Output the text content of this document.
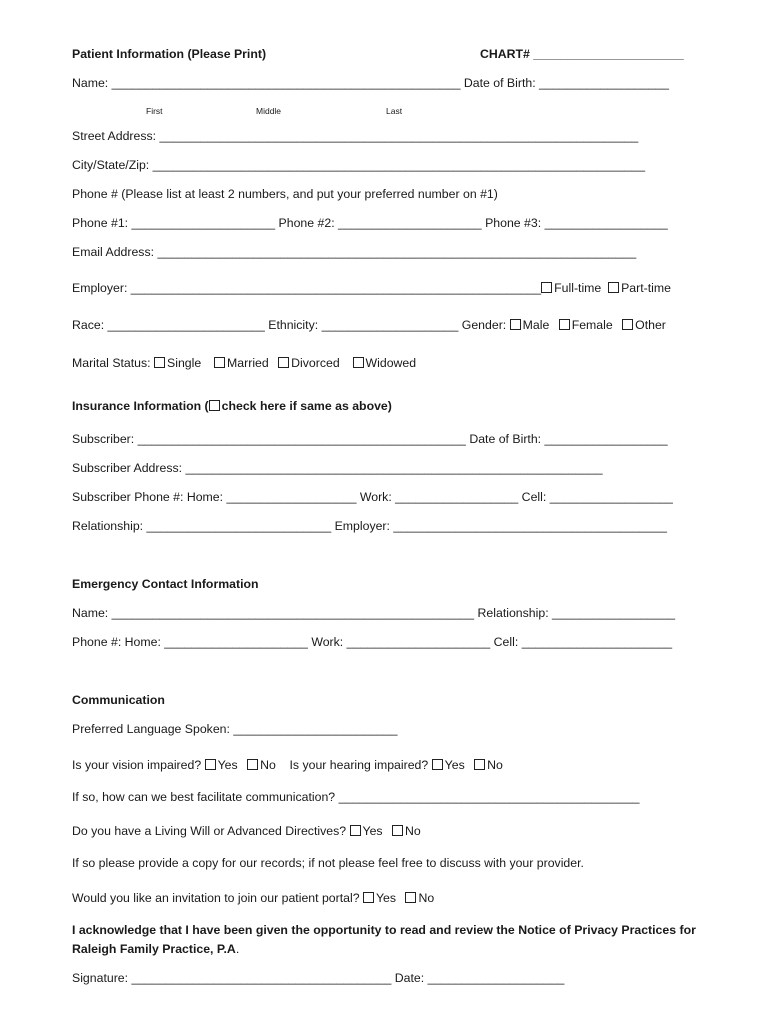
Patient Information (Please Print)	CHART# ______________________
Name: ___________________________________________________ Date of Birth: ___________________
First	Middle	Last
Street Address: ______________________________________________________________________
City/State/Zip: ________________________________________________________________________
Phone # (Please list at least 2 numbers, and put your preferred number on #1)
Phone #1: _____________________ Phone #2: _____________________ Phone #3: __________________
Email Address: ______________________________________________________________________
Employer: ____________________________________________________________ Full-time Part-time
Race: _______________________ Ethnicity: ____________________ Gender: Male Female Other
Marital Status: Single Married Divorced Widowed
Insurance Information ( check here if same as above)
Subscriber: ________________________________________________ Date of Birth: __________________
Subscriber Address: _____________________________________________________________
Subscriber Phone #: Home: ___________________ Work: __________________ Cell: __________________
Relationship: ___________________________ Employer: ________________________________________
Emergency Contact Information
Name: _____________________________________________________ Relationship: __________________
Phone #: Home: _____________________ Work: _____________________ Cell: ______________________
Communication
Preferred Language Spoken: ________________________
Is your vision impaired? Yes No Is your hearing impaired? Yes No
If so, how can we best facilitate communication? ____________________________________________
Do you have a Living Will or Advanced Directives? Yes No
If so please provide a copy for our records; if not please feel free to discuss with your provider.
Would you like an invitation to join our patient portal? Yes No
I acknowledge that I have been given the opportunity to read and review the Notice of Privacy Practices for
Raleigh Family Practice, P.A.
Signature: ______________________________________ Date: ____________________
